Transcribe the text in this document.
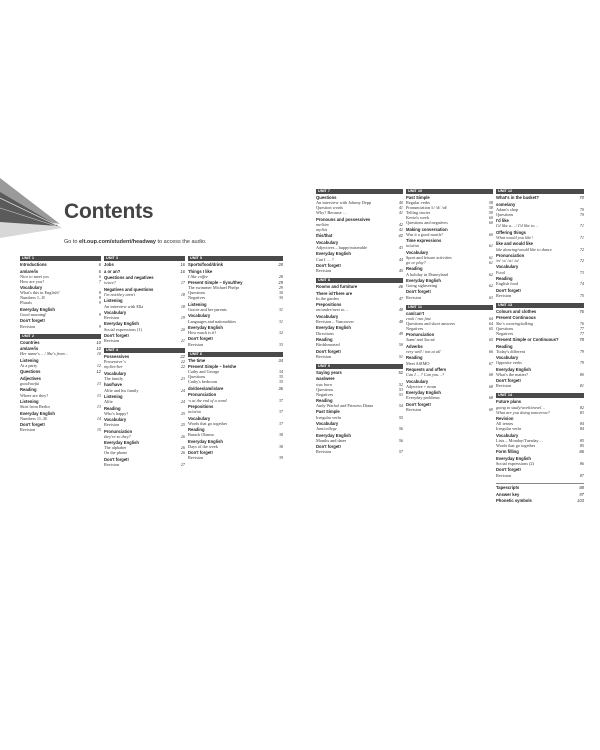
Contents
Go to elt.oup.com/student/headway to access the audio.
UNIT 1
Introductions	6
am/are/is	6
Nice to meet you	6
How are you?	7
Vocabulary
What's this in English?	8
Numbers 1–10	8
Plurals	9
Everyday English
Good morning!	9
Don't forget!
Revision	9
UNIT 2
Countries	10
am/are/is	10
Her name's… / She's from…	10
Listening
At a party	12
Questions	12
Adjectives
good/awful	13
Reading
Where are they?	13
Listening
Skirt from Berlin	13
Everyday English
Numbers 11–30	14
Don't forget!
Revision	15
UNIT 3
Jobs	16
a or an?	16
Questions and negatives
is/are?	17
Negatives and questions
I'm not/they aren't	18
Listening
An interview with Ella	18
Vocabulary
Revision	19
Everyday English
Social expressions (1)	20
Don't forget!
Revision	21
UNIT 4
Possessives	22
Possessive 's	22
my/her/her	22
Vocabulary
The family	23
has/have
Alfie and his family	24
Listening
Alfie	24
Reading
Who's happy?	25
Vocabulary
Revision	25
Pronunciation
they're so they?	26
Everyday English
The alphabet	26
On the phone	26
Don't forget!
Revision	27
UNIT 5
Sports/food/drink	28
Things I like
I like coffee	28
Present Simple – I/you/they	29
The swimmer Michael Phelps	29
Questions	30
Negatives	30
Listening
Gracie and her parents	31
Vocabulary
Languages and nationalities	31
Everyday English
How much is it?	32
Don't forget!
Revision	33
UNIT 6
The time	34
Present Simple – he/she
Cathy and George	34
Questions	35
Cathy's bedroom	35
do/does/am/is/are	36
Pronunciation
-s at the end of a word	37
Prepositions
in/at/on	37
Vocabulary
Words that go together	37
Reading
Barack Obama	38
Everyday English
Days of the week	38
Don't forget!
Revision	39
UNIT 7
Questions
An interview with Johnny Depp	40
Question words	41
Why? Because …	41
Pronouns and possessives
me/him	42
my/his	42
this/that	42
Vocabulary
Adjectives – happy/miserable	43
Everyday English
Can I … ?	44
Don't forget!
Revision	45
UNIT 8
Rooms and furniture	46
There is/There are
In the garden	47
Prepositions
on/under/next to…	48
Vocabulary
Revision – Vancouver	48
Everyday English
Directions	49
Reading
Birdshmorted	50
Don't forget!
Revision	51
UNIT 9
Saying years	52
was/were
was born	52
Questions	53
Negatives	53
Reading
Andy Warhol and Princess Diana	54
Past Simple
Irregular verbs	55
Vocabulary
Jam/college	56
Everyday English
Months and dates	56
Don't forget!
Revision	57
UNIT 10
Past Simple
Regular verbs	58
Pronunciation /t/ /d/ /ɪd/	58
Telling stories	59
Kevin's week	60
Questions and negatives	60
Making conversation
Was it a good match?	60
Time expressions
in/at/on	61
Vocabulary
Sport and leisure activities	61
go or play?	61
Reading
A holiday in Disneyland	62
Everyday English
Going sightseeing	62
Don't forget!
Revision	63
UNIT 11
can/can't
cook / run fast	64
Questions and short answers	64
Negatives	65
Pronunciation
/kæn/ and /kɑːnt/	65
Adverbs
very well / not at all	66
Reading
Meet ASIMO	67
Requests and offers
Can I …? Can you…?	68
Vocabulary
Adjective + noun	68
Everyday English
Everyday problems	68
Don't forget!
Revision	69
UNIT 12
What's in the basket?	70
some/any
Adam's shop	70
Questions	70
I'd like
I'd like a… / I'd like to…	71
Offering things
What would you like?	71
like and would like
like dancing/would like to dance	72
Pronunciation
/ʊ/ /ʌ/ /uː/ /ɒ/	72
Vocabulary
Food	73
Reading
English food	74
Don't forget!
Revision	75
UNIT 13
Colours and clothes	76
Present Continuous
She's wearing/talking	76
Questions	77
Negatives	77
Present Simple or Continuous?	78
Reading
Today's different	79
Vocabulary
Opposite verbs	79
Everyday English
What's the matter?	80
Don't forget!
Revision	81
UNIT 14
Future plans
going to study/work/travel…	82
What are you doing tomorrow?	83
Revision
All tenses	84
Irregular verbs	84
Vocabulary
Lists – Monday/Tuesday…	85
Words that go together	85
Form filling	86
Everyday English
Social expressions (2)	86
Don't forget!
Revision	87
Tapescripts	88
Answer key	97
Phonetic symbols	103
